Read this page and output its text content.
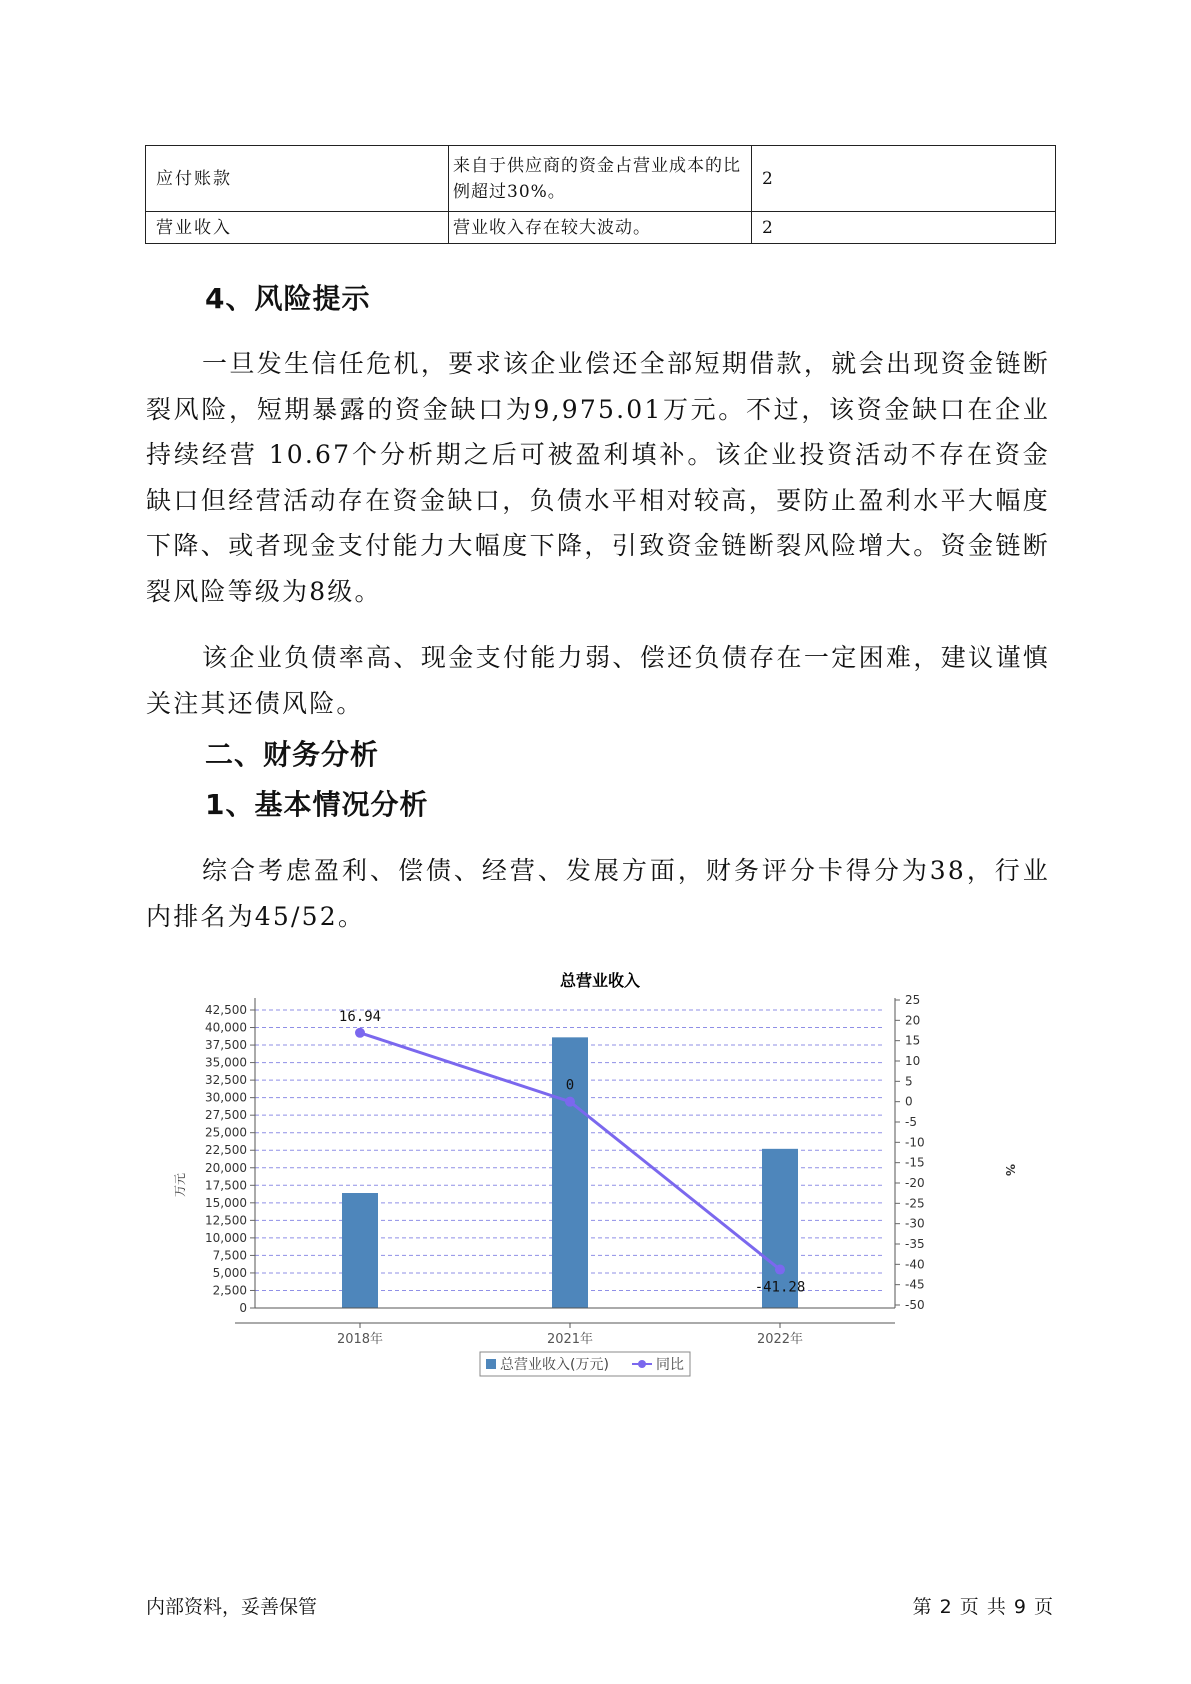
应付账款	来自于供应商的资金占营业成本的比例超过30%。	2
营业收入	营业收入存在较大波动。	2
4、风险提示

一旦发生信任危机，要求该企业偿还全部短期借款，就会出现资金链断裂风险，短期暴露的资金缺口为9,975.01万元。不过，该资金缺口在企业持续经营 10.67个分析期之后可被盈利填补。该企业投资活动不存在资金缺口但经营活动存在资金缺口，负债水平相对较高，要防止盈利水平大幅度下降、或者现金支付能力大幅度下降，引致资金链断裂风险增大。资金链断裂风险等级为8级。

该企业负债率高、现金支付能力弱、偿还负债存在一定困难，建议谨慎关注其还债风险。

二、财务分析
1、基本情况分析

综合考虑盈利、偿债、经营、发展方面，财务评分卡得分为38，行业内排名为45/52。

总营业收入
0
2,500
5,000
7,500
10,000
12,500
15,000
17,500
20,000
22,500
25,000
27,500
30,000
32,500
35,000
37,500
40,000
42,500
25
20
15
10
5
0
-5
-10
-15
-20
-25
-30
-35
-40
-45
-50
2018年	2021年	2022年
16.94
0
-41.28
万元
%
总营业收入(万元)	同比
内部资料，妥善保管	第 2 页 共 9 页
